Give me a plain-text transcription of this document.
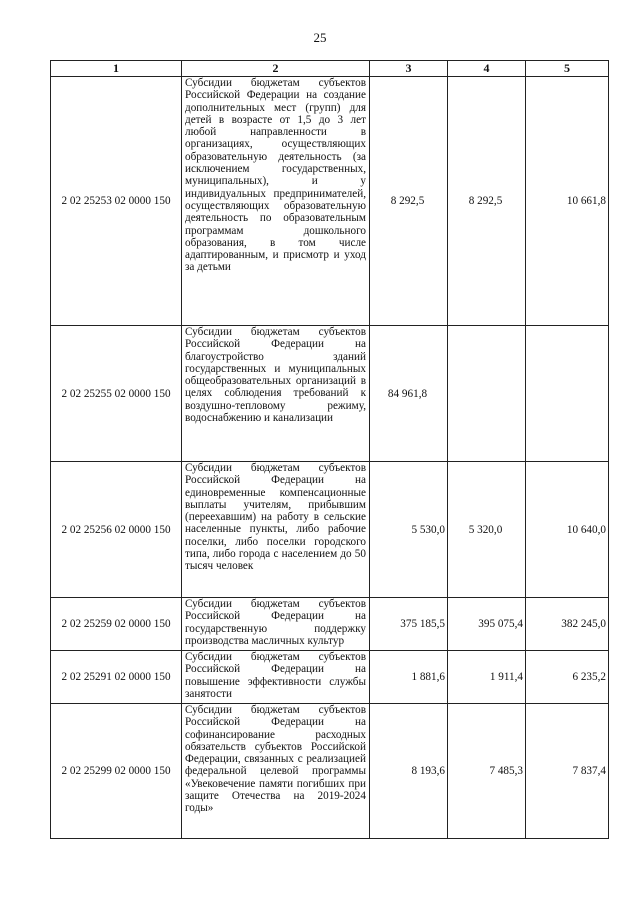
25
1	2	3	4	5
2 02 25253 02 0000 150	Субсидии бюджетам субъектов Российской Федерации на создание дополнительных мест (групп) для детей в возрасте от 1,5 до 3 лет любой направленности в организациях, осуществляющих образовательную деятельность (за исключением государственных, муниципальных), и у индивидуальных предпринимателей, осуществляющих образовательную деятельность по образовательным программам дошкольного образования, в том числе адаптированным, и присмотр и уход за детьми	8 292,5	8 292,5	10 661,8
2 02 25255 02 0000 150	Субсидии бюджетам субъектов Российской Федерации на благоустройство зданий государственных и муниципальных общеобразовательных организаций в целях соблюдения требований к воздушно-тепловому режиму, водоснабжению и канализации	84 961,8		
2 02 25256 02 0000 150	Субсидии бюджетам субъектов Российской Федерации на единовременные компенсационные выплаты учителям, прибывшим (переехавшим) на работу в сельские населенные пункты, либо рабочие поселки, либо поселки городского типа, либо города с населением до 50 тысяч человек	5 530,0	5 320,0	10 640,0
2 02 25259 02 0000 150	Субсидии бюджетам субъектов Российской Федерации на государственную поддержку производства масличных культур	375 185,5	395 075,4	382 245,0
2 02 25291 02 0000 150	Субсидии бюджетам субъектов Российской Федерации на повышение эффективности службы занятости	1 881,6	1 911,4	6 235,2
2 02 25299 02 0000 150	Субсидии бюджетам субъектов Российской Федерации на софинансирование расходных обязательств субъектов Российской Федерации, связанных с реализацией федеральной целевой программы «Увековечение памяти погибших при защите Отечества на 2019-2024 годы»	8 193,6	7 485,3	7 837,4
